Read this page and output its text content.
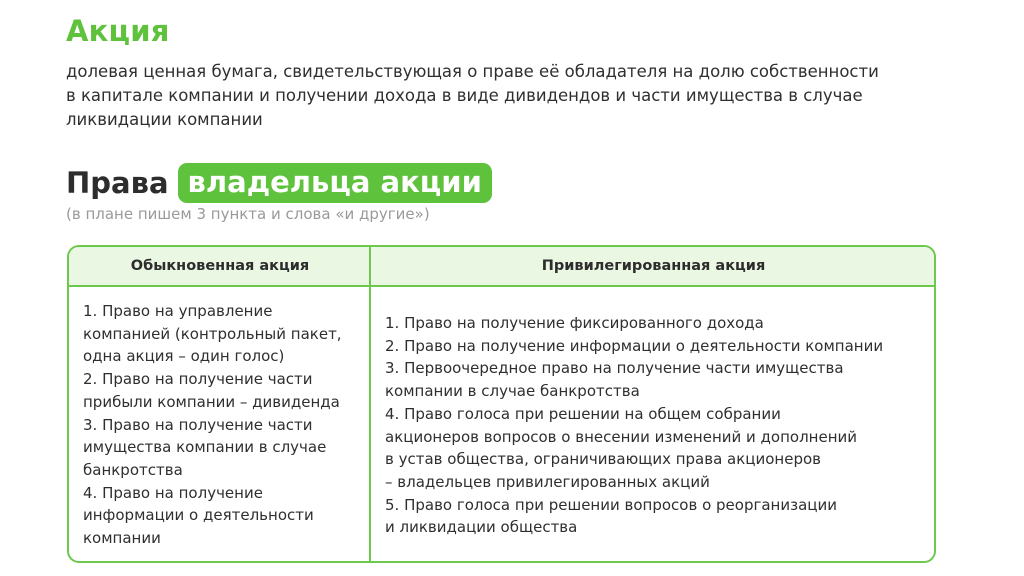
Акция
долевая ценная бумага, свидетельствующая о праве её обладателя на долю собственности
в капитале компании и получении дохода в виде дивидендов и части имущества в случае
ликвидации компании
Права владельца акции
(в плане пишем 3 пункта и слова «и другие»)
Обыкновенная акция	Привилегированная акция
1. Право на управление
компанией (контрольный пакет,
одна акция – один голос)
2. Право на получение части
прибыли компании – дивиденда
3. Право на получение части
имущества компании в случае
банкротства
4. Право на получение
информации о деятельности
компании
1. Право на получение фиксированного дохода
2. Право на получение информации о деятельности компании
3. Первоочередное право на получение части имущества
компании в случае банкротства
4. Право голоса при решении на общем собрании
акционеров вопросов о внесении изменений и дополнений
в устав общества, ограничивающих права акционеров
– владельцев привилегированных акций
5. Право голоса при решении вопросов о реорганизации
и ликвидации общества
